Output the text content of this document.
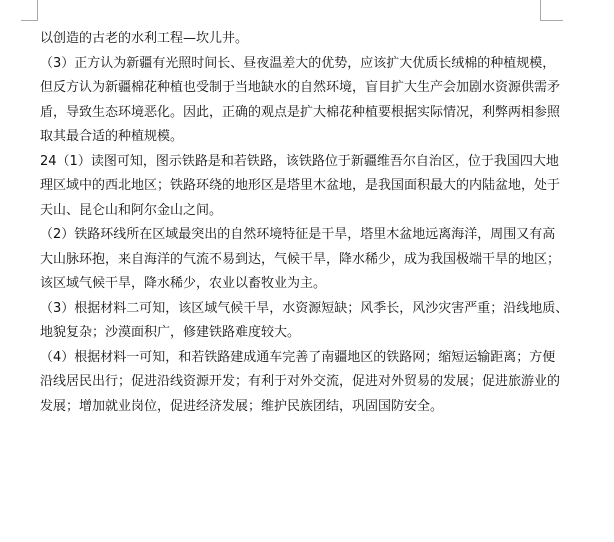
以创造的古老的水利工程—坎儿井。
（3）正方认为新疆有光照时间长、昼夜温差大的优势，应该扩大优质长绒棉的种植规模，
但反方认为新疆棉花种植也受制于当地缺水的自然环境，盲目扩大生产会加剧水资源供需矛
盾，导致生态环境恶化。因此，正确的观点是扩大棉花种植要根据实际情况，利弊两相参照
取其最合适的种植规模。
24（1）读图可知，图示铁路是和若铁路，该铁路位于新疆维吾尔自治区，位于我国四大地
理区域中的西北地区；铁路环绕的地形区是塔里木盆地，是我国面积最大的内陆盆地，处于
天山、昆仑山和阿尔金山之间。
（2）铁路环线所在区域最突出的自然环境特征是干旱，塔里木盆地远离海洋，周围又有高
大山脉环抱，来自海洋的气流不易到达，气候干旱，降水稀少，成为我国极端干旱的地区；
该区域气候干旱，降水稀少，农业以畜牧业为主。
（3）根据材料二可知，该区域气候干旱，水资源短缺；风季长，风沙灾害严重；沿线地质、
地貌复杂；沙漠面积广，修建铁路难度较大。
（4）根据材料一可知，和若铁路建成通车完善了南疆地区的铁路网；缩短运输距离；方便
沿线居民出行；促进沿线资源开发；有利于对外交流，促进对外贸易的发展；促进旅游业的
发展；增加就业岗位，促进经济发展；维护民族团结，巩固国防安全。
